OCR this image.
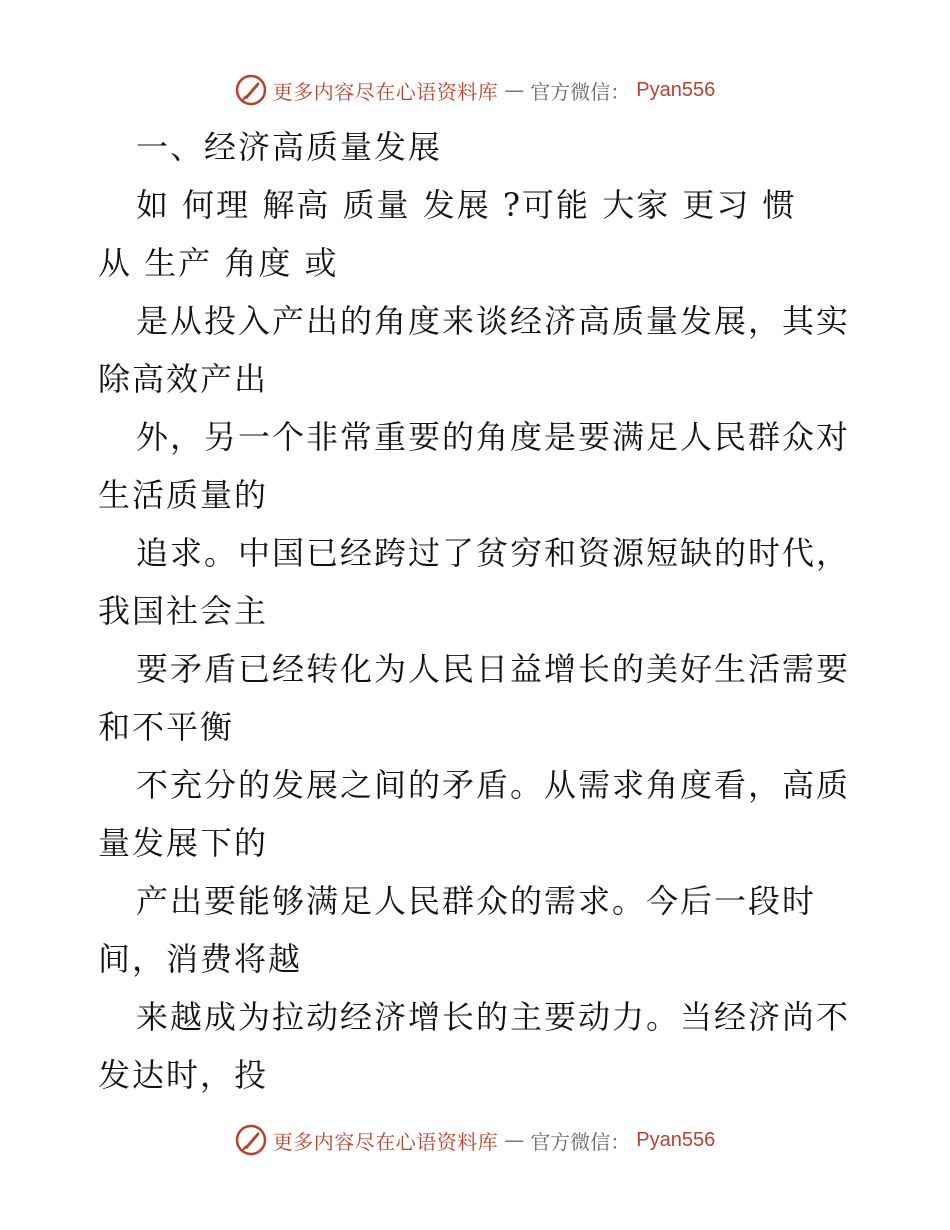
更多内容尽在心语资料库 — 官方微信： Pyan556
一、经济高质量发展
如 何理 解高 质量 发展 ?可能 大家 更习 惯
从 生产 角度 或
是从投入产出的角度来谈经济高质量发展，其实
除高效产出
外，另一个非常重要的角度是要满足人民群众对
生活质量的
追求。中国已经跨过了贫穷和资源短缺的时代，
我国社会主
要矛盾已经转化为人民日益增长的美好生活需要
和不平衡
不充分的发展之间的矛盾。从需求角度看，高质
量发展下的
产出要能够满足人民群众的需求。今后一段时
间，消费将越
来越成为拉动经济增长的主要动力。当经济尚不
发达时，投
更多内容尽在心语资料库 — 官方微信： Pyan556
